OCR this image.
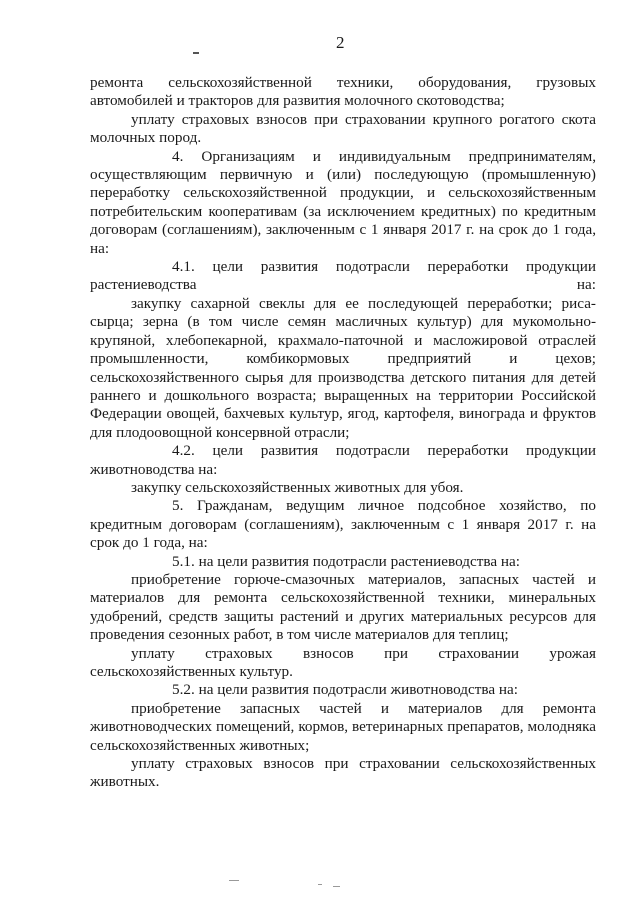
2

ремонта сельскохозяйственной техники, оборудования, грузовых автомобилей и тракторов для развития молочного скотоводства;

уплату страховых взносов при страховании крупного рогатого скота молочных пород.

4. Организациям и индивидуальным предпринимателям, осуществляющим первичную и (или) последующую (промышленную) переработку сельскохозяйственной продукции, и сельскохозяйственным потребительским кооперативам (за исключением кредитных) по кредитным договорам (соглашениям), заключенным с 1 января 2017 г. на срок до 1 года, на:

4.1. цели развития подотрасли переработки продукции растениеводства на:

закупку сахарной свеклы для ее последующей переработки; риса-сырца; зерна (в том числе семян масличных культур) для мукомольно-крупяной, хлебопекарной, крахмало-паточной и масложировой отраслей промышленности, комбикормовых предприятий и цехов; сельскохозяйственного сырья для производства детского питания для детей раннего и дошкольного возраста; выращенных на территории Российской Федерации овощей, бахчевых культур, ягод, картофеля, винограда и фруктов для плодоовощной консервной отрасли;

4.2. цели развития подотрасли переработки продукции животноводства на:

закупку сельскохозяйственных животных для убоя.

5. Гражданам, ведущим личное подсобное хозяйство, по кредитным договорам (соглашениям), заключенным с 1 января 2017 г. на срок до 1 года, на:

5.1. на цели развития подотрасли растениеводства на:

приобретение горюче-смазочных материалов, запасных частей и материалов для ремонта сельскохозяйственной техники, минеральных удобрений, средств защиты растений и других материальных ресурсов для проведения сезонных работ, в том числе материалов для теплиц;

уплату страховых взносов при страховании урожая сельскохозяйственных культур.

5.2. на цели развития подотрасли животноводства на:

приобретение запасных частей и материалов для ремонта животноводческих помещений, кормов, ветеринарных препаратов, молодняка сельскохозяйственных животных;

уплату страховых взносов при страховании сельскохозяйственных животных.
